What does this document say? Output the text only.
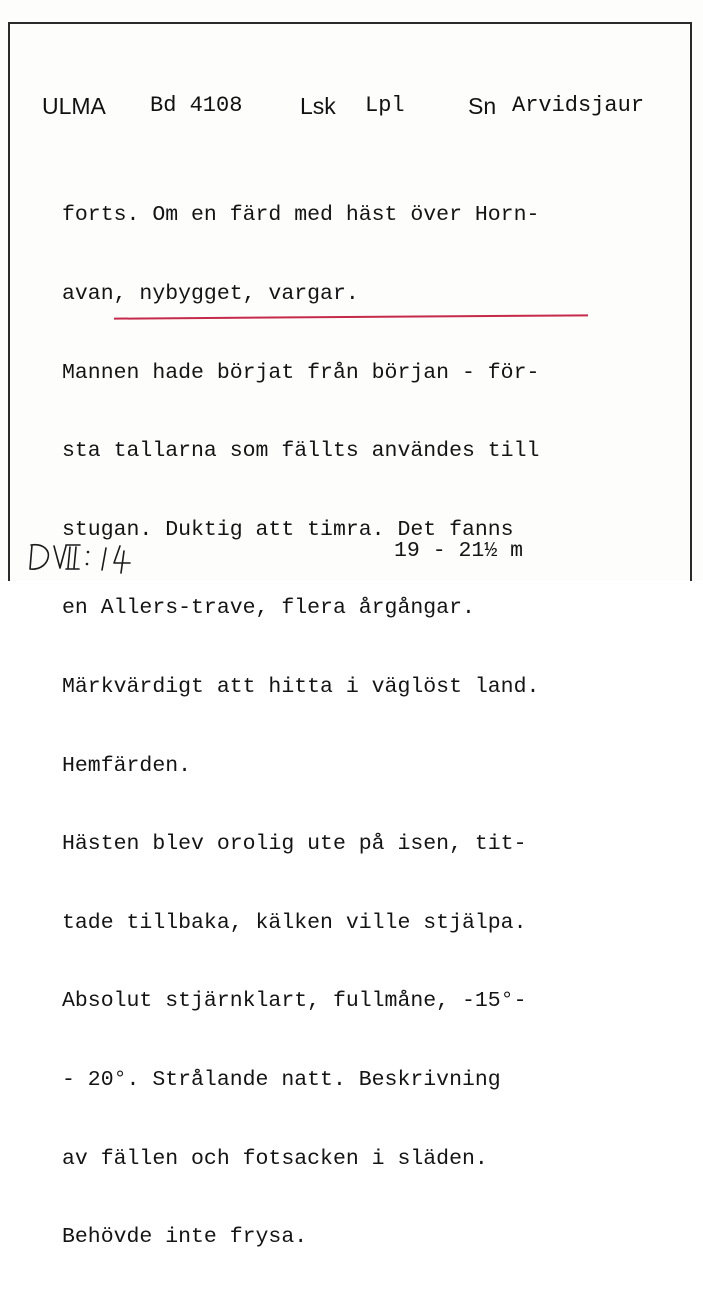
ULMA Bd 4108	Lsk Lpl	Sn Arvidsjaur

forts. Om en färd med häst över Horn-

avan, nybygget, vargar.

Mannen hade börjat från början - för-

sta tallarna som fällts användes till

stugan. Duktig att timra. Det fanns

en Allers-trave, flera årgångar.

Märkvärdigt att hitta i väglöst land.

Hemfärden.

Hästen blev orolig ute på isen, tit-

tade tillbaka, kälken ville stjälpa.

Absolut stjärnklart, fullmåne, -15°-

- 20°. Strålande natt. Beskrivning

av fällen och fotsacken i släden.

Behövde inte frysa.

19 - 21½ m
